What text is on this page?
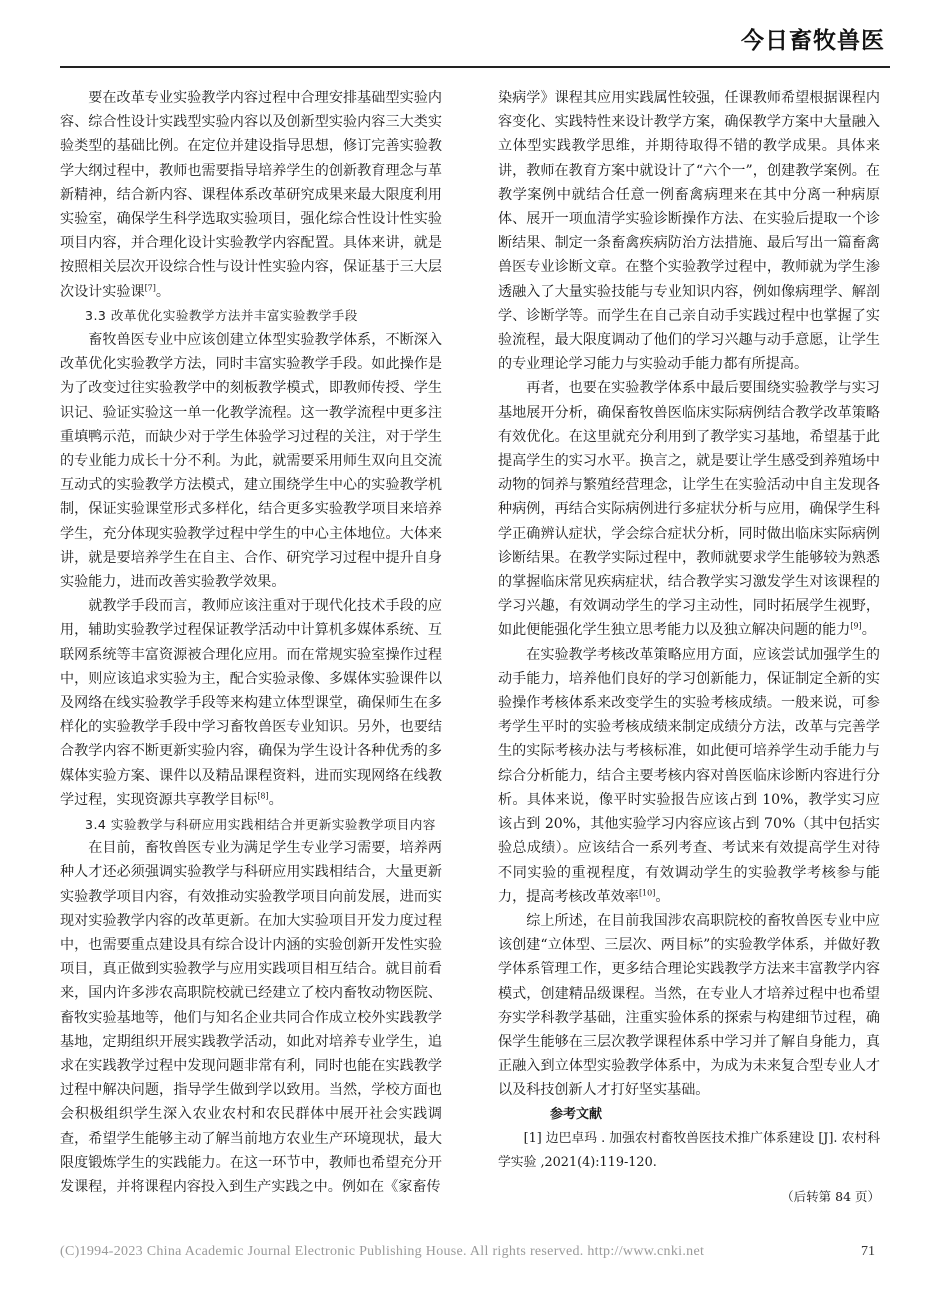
今日畜牧兽医

要在改革专业实验教学内容过程中合理安排基础型实验内容、综合性设计实践型实验内容以及创新型实验内容三大类实验类型的基础比例。在定位并建设指导思想，修订完善实验教学大纲过程中，教师也需要指导培养学生的创新教育理念与革新精神，结合新内容、课程体系改革研究成果来最大限度利用实验室，确保学生科学选取实验项目，强化综合性设计性实验项目内容，并合理化设计实验教学内容配置。具体来讲，就是按照相关层次开设综合性与设计性实验内容，保证基于三大层次设计实验课[7]。

3.3 改革优化实验教学方法并丰富实验教学手段

畜牧兽医专业中应该创建立体型实验教学体系，不断深入改革优化实验教学方法，同时丰富实验教学手段。如此操作是为了改变过往实验教学中的刻板教学模式，即教师传授、学生识记、验证实验这一单一化教学流程。这一教学流程中更多注重填鸭示范，而缺少对于学生体验学习过程的关注，对于学生的专业能力成长十分不利。为此，就需要采用师生双向且交流互动式的实验教学方法模式，建立围绕学生中心的实验教学机制，保证实验课堂形式多样化，结合更多实验教学项目来培养学生，充分体现实验教学过程中学生的中心主体地位。大体来讲，就是要培养学生在自主、合作、研究学习过程中提升自身实验能力，进而改善实验教学效果。

就教学手段而言，教师应该注重对于现代化技术手段的应用，辅助实验教学过程保证教学活动中计算机多媒体系统、互联网系统等丰富资源被合理化应用。而在常规实验室操作过程中，则应该追求实验为主，配合实验录像、多媒体实验课件以及网络在线实验教学手段等来构建立体型课堂，确保师生在多样化的实验教学手段中学习畜牧兽医专业知识。另外，也要结合教学内容不断更新实验内容，确保为学生设计各种优秀的多媒体实验方案、课件以及精品课程资料，进而实现网络在线教学过程，实现资源共享教学目标[8]。

3.4 实验教学与科研应用实践相结合并更新实验教学项目内容

在目前，畜牧兽医专业为满足学生专业学习需要，培养两种人才还必须强调实验教学与科研应用实践相结合，大量更新实验教学项目内容，有效推动实验教学项目向前发展，进而实现对实验教学内容的改革更新。在加大实验项目开发力度过程中，也需要重点建设具有综合设计内涵的实验创新开发性实验项目，真正做到实验教学与应用实践项目相互结合。就目前看来，国内许多涉农高职院校就已经建立了校内畜牧动物医院、畜牧实验基地等，他们与知名企业共同合作成立校外实践教学基地，定期组织开展实践教学活动，如此对培养专业学生，追求在实践教学过程中发现问题非常有利，同时也能在实践教学过程中解决问题，指导学生做到学以致用。当然，学校方面也会积极组织学生深入农业农村和农民群体中展开社会实践调查，希望学生能够主动了解当前地方农业生产环境现状，最大限度锻炼学生的实践能力。在这一环节中，教师也希望充分开发课程，并将课程内容投入到生产实践之中。例如在《家畜传

染病学》课程其应用实践属性较强，任课教师希望根据课程内容变化、实践特性来设计教学方案，确保教学方案中大量融入立体型实践教学思维，并期待取得不错的教学成果。具体来讲，教师在教育方案中就设计了“六个一”，创建教学案例。在教学案例中就结合任意一例畜禽病理来在其中分离一种病原体、展开一项血清学实验诊断操作方法、在实验后提取一个诊断结果、制定一条畜禽疾病防治方法措施、最后写出一篇畜禽兽医专业诊断文章。在整个实验教学过程中，教师就为学生渗透融入了大量实验技能与专业知识内容，例如像病理学、解剖学、诊断学等。而学生在自己亲自动手实践过程中也掌握了实验流程，最大限度调动了他们的学习兴趣与动手意愿，让学生的专业理论学习能力与实验动手能力都有所提高。

再者，也要在实验教学体系中最后要围绕实验教学与实习基地展开分析，确保畜牧兽医临床实际病例结合教学改革策略有效优化。在这里就充分利用到了教学实习基地，希望基于此提高学生的实习水平。换言之，就是要让学生感受到养殖场中动物的饲养与繁殖经营理念，让学生在实验活动中自主发现各种病例，再结合实际病例进行多症状分析与应用，确保学生科学正确辨认症状，学会综合症状分析，同时做出临床实际病例诊断结果。在教学实际过程中，教师就要求学生能够较为熟悉的掌握临床常见疾病症状，结合教学实习激发学生对该课程的学习兴趣，有效调动学生的学习主动性，同时拓展学生视野，如此便能强化学生独立思考能力以及独立解决问题的能力[9]。

在实验教学考核改革策略应用方面，应该尝试加强学生的动手能力，培养他们良好的学习创新能力，保证制定全新的实验操作考核体系来改变学生的实验考核成绩。一般来说，可参考学生平时的实验考核成绩来制定成绩分方法，改革与完善学生的实际考核办法与考核标准，如此便可培养学生动手能力与综合分析能力，结合主要考核内容对兽医临床诊断内容进行分析。具体来说，像平时实验报告应该占到 10%，教学实习应该占到 20%，其他实验学习内容应该占到 70%（其中包括实验总成绩）。应该结合一系列考查、考试来有效提高学生对待不同实验的重视程度，有效调动学生的实验教学考核参与能力，提高考核改革效率[10]。

综上所述，在目前我国涉农高职院校的畜牧兽医专业中应该创建“立体型、三层次、两目标”的实验教学体系，并做好教学体系管理工作，更多结合理论实践教学方法来丰富教学内容模式，创建精品级课程。当然，在专业人才培养过程中也希望夯实学科教学基础，注重实验体系的探索与构建细节过程，确保学生能够在三层次教学课程体系中学习并了解自身能力，真正融入到立体型实验教学体系中，为成为未来复合型专业人才以及科技创新人才打好坚实基础。

参考文献

[1] 边巴卓玛 . 加强农村畜牧兽医技术推广体系建设 [J]. 农村科学实验 ,2021(4):119-120.

（后转第 84 页）

(C)1994-2023 China Academic Journal Electronic Publishing House. All rights reserved. http://www.cnki.net	71
